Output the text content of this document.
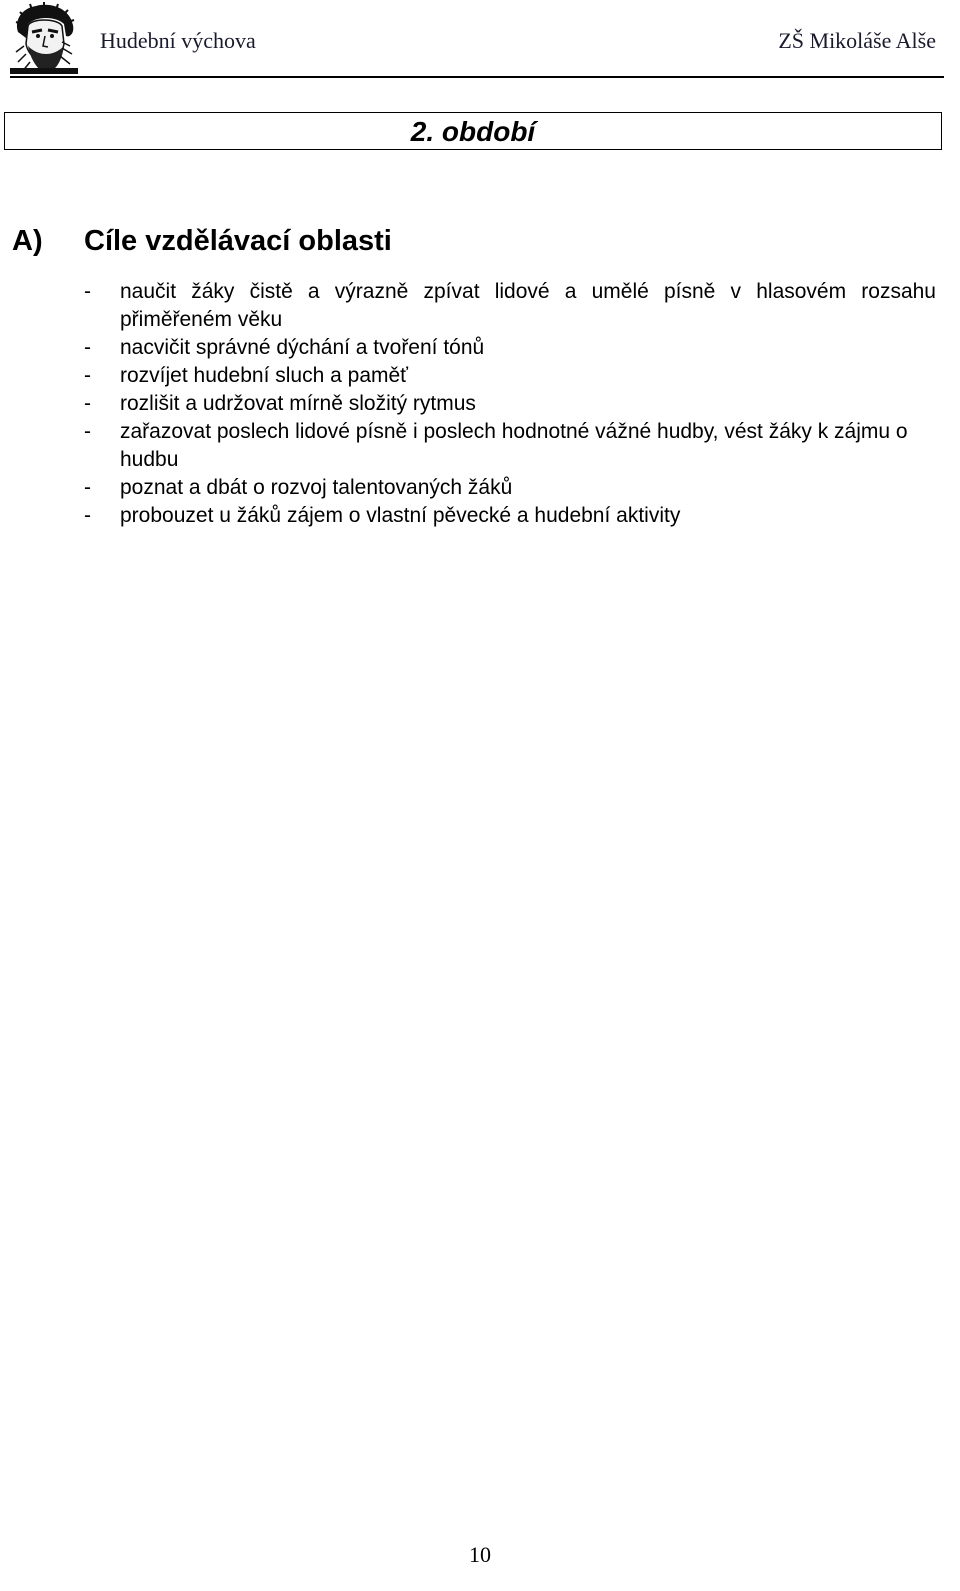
Hudební výchova	ZŠ Mikoláše Alše
2. období
A) Cíle vzdělávací oblasti
- naučit žáky čistě a výrazně zpívat lidové a umělé písně v hlasovém rozsahu přiměřeném věku
- nacvičit správné dýchání a tvoření tónů
- rozvíjet hudební sluch a paměť
- rozlišit a udržovat mírně složitý rytmus
- zařazovat poslech lidové písně i poslech hodnotné vážné hudby, vést žáky k zájmu o hudbu
- poznat a dbát o rozvoj talentovaných žáků
- probouzet u žáků zájem o vlastní pěvecké a hudební aktivity
10
